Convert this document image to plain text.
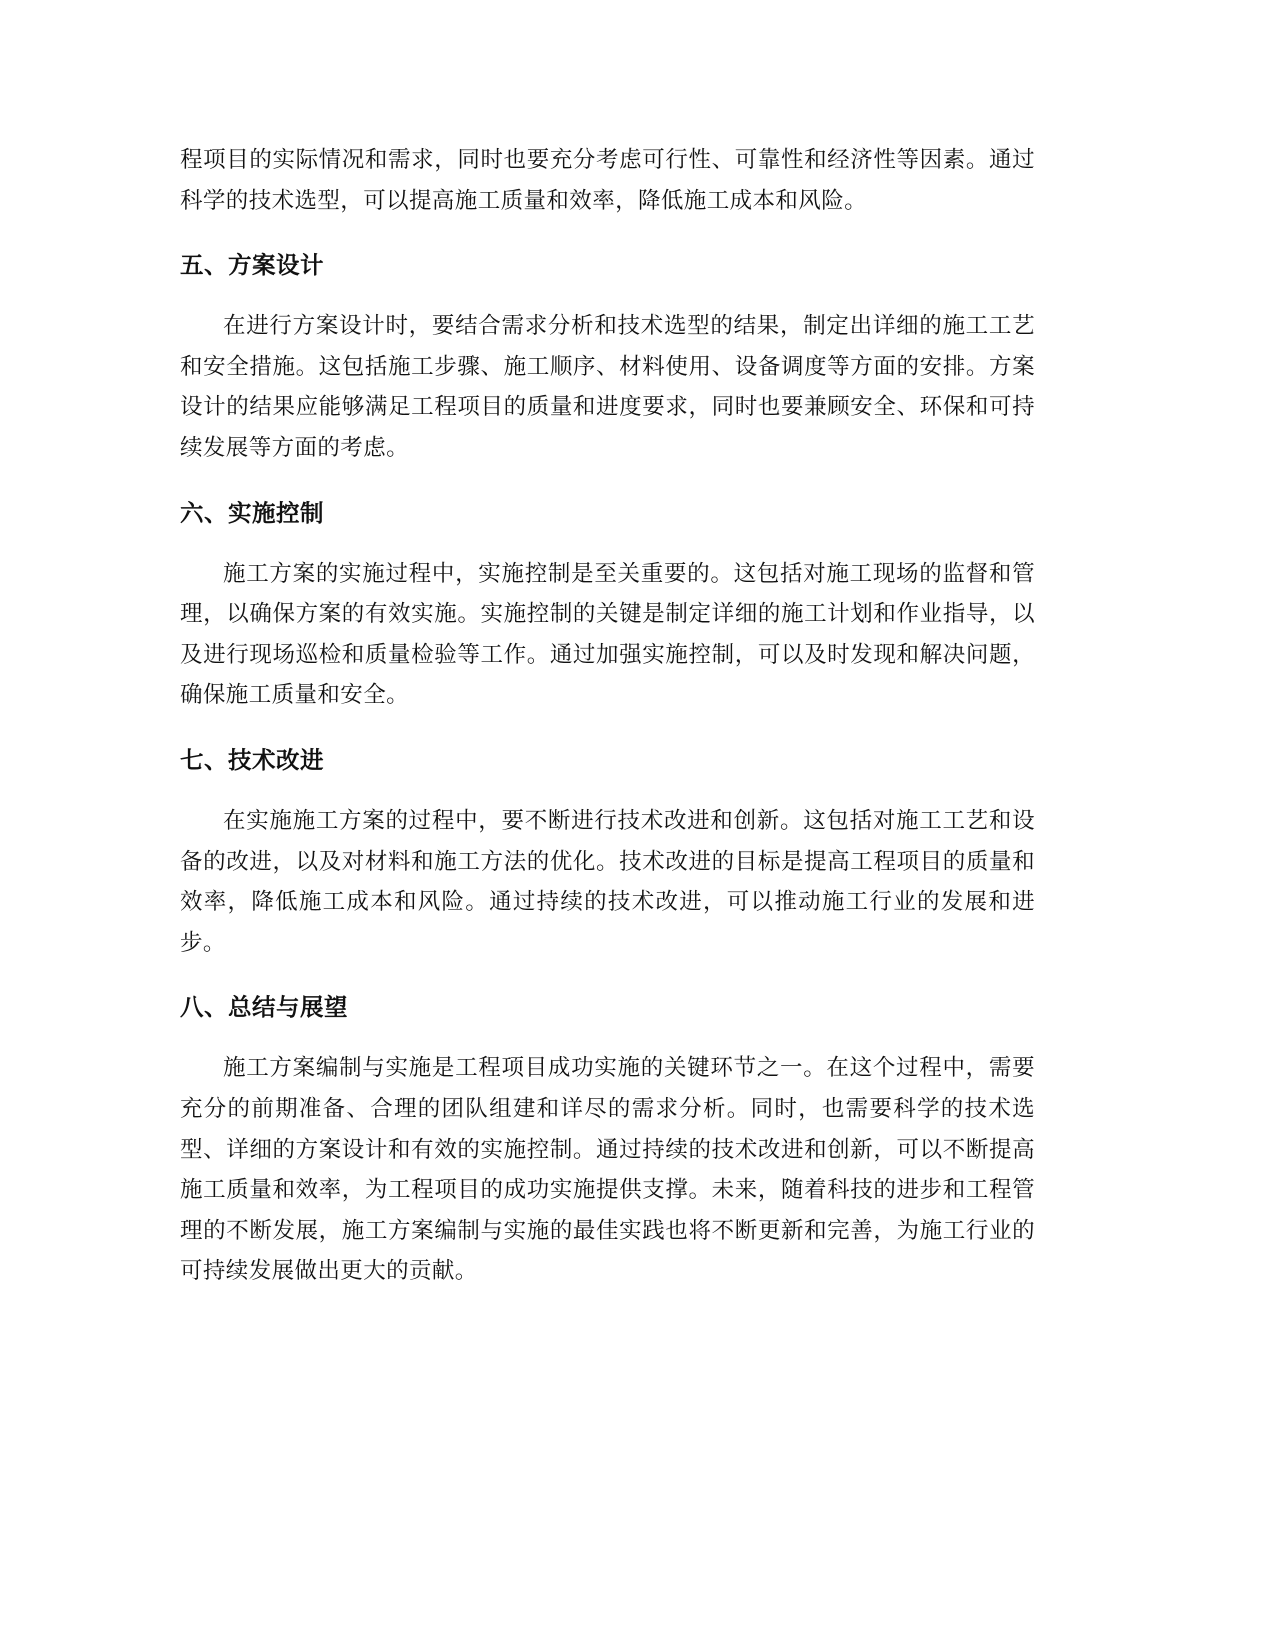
程项目的实际情况和需求，同时也要充分考虑可行性、可靠性和经济性等因素。通过科学的技术选型，可以提高施工质量和效率，降低施工成本和风险。

五、方案设计

在进行方案设计时，要结合需求分析和技术选型的结果，制定出详细的施工工艺和安全措施。这包括施工步骤、施工顺序、材料使用、设备调度等方面的安排。方案设计的结果应能够满足工程项目的质量和进度要求，同时也要兼顾安全、环保和可持续发展等方面的考虑。

六、实施控制

施工方案的实施过程中，实施控制是至关重要的。这包括对施工现场的监督和管理，以确保方案的有效实施。实施控制的关键是制定详细的施工计划和作业指导，以及进行现场巡检和质量检验等工作。通过加强实施控制，可以及时发现和解决问题，确保施工质量和安全。

七、技术改进

在实施施工方案的过程中，要不断进行技术改进和创新。这包括对施工工艺和设备的改进，以及对材料和施工方法的优化。技术改进的目标是提高工程项目的质量和效率，降低施工成本和风险。通过持续的技术改进，可以推动施工行业的发展和进步。

八、总结与展望

施工方案编制与实施是工程项目成功实施的关键环节之一。在这个过程中，需要充分的前期准备、合理的团队组建和详尽的需求分析。同时，也需要科学的技术选型、详细的方案设计和有效的实施控制。通过持续的技术改进和创新，可以不断提高施工质量和效率，为工程项目的成功实施提供支撑。未来，随着科技的进步和工程管理的不断发展，施工方案编制与实施的最佳实践也将不断更新和完善，为施工行业的可持续发展做出更大的贡献。
